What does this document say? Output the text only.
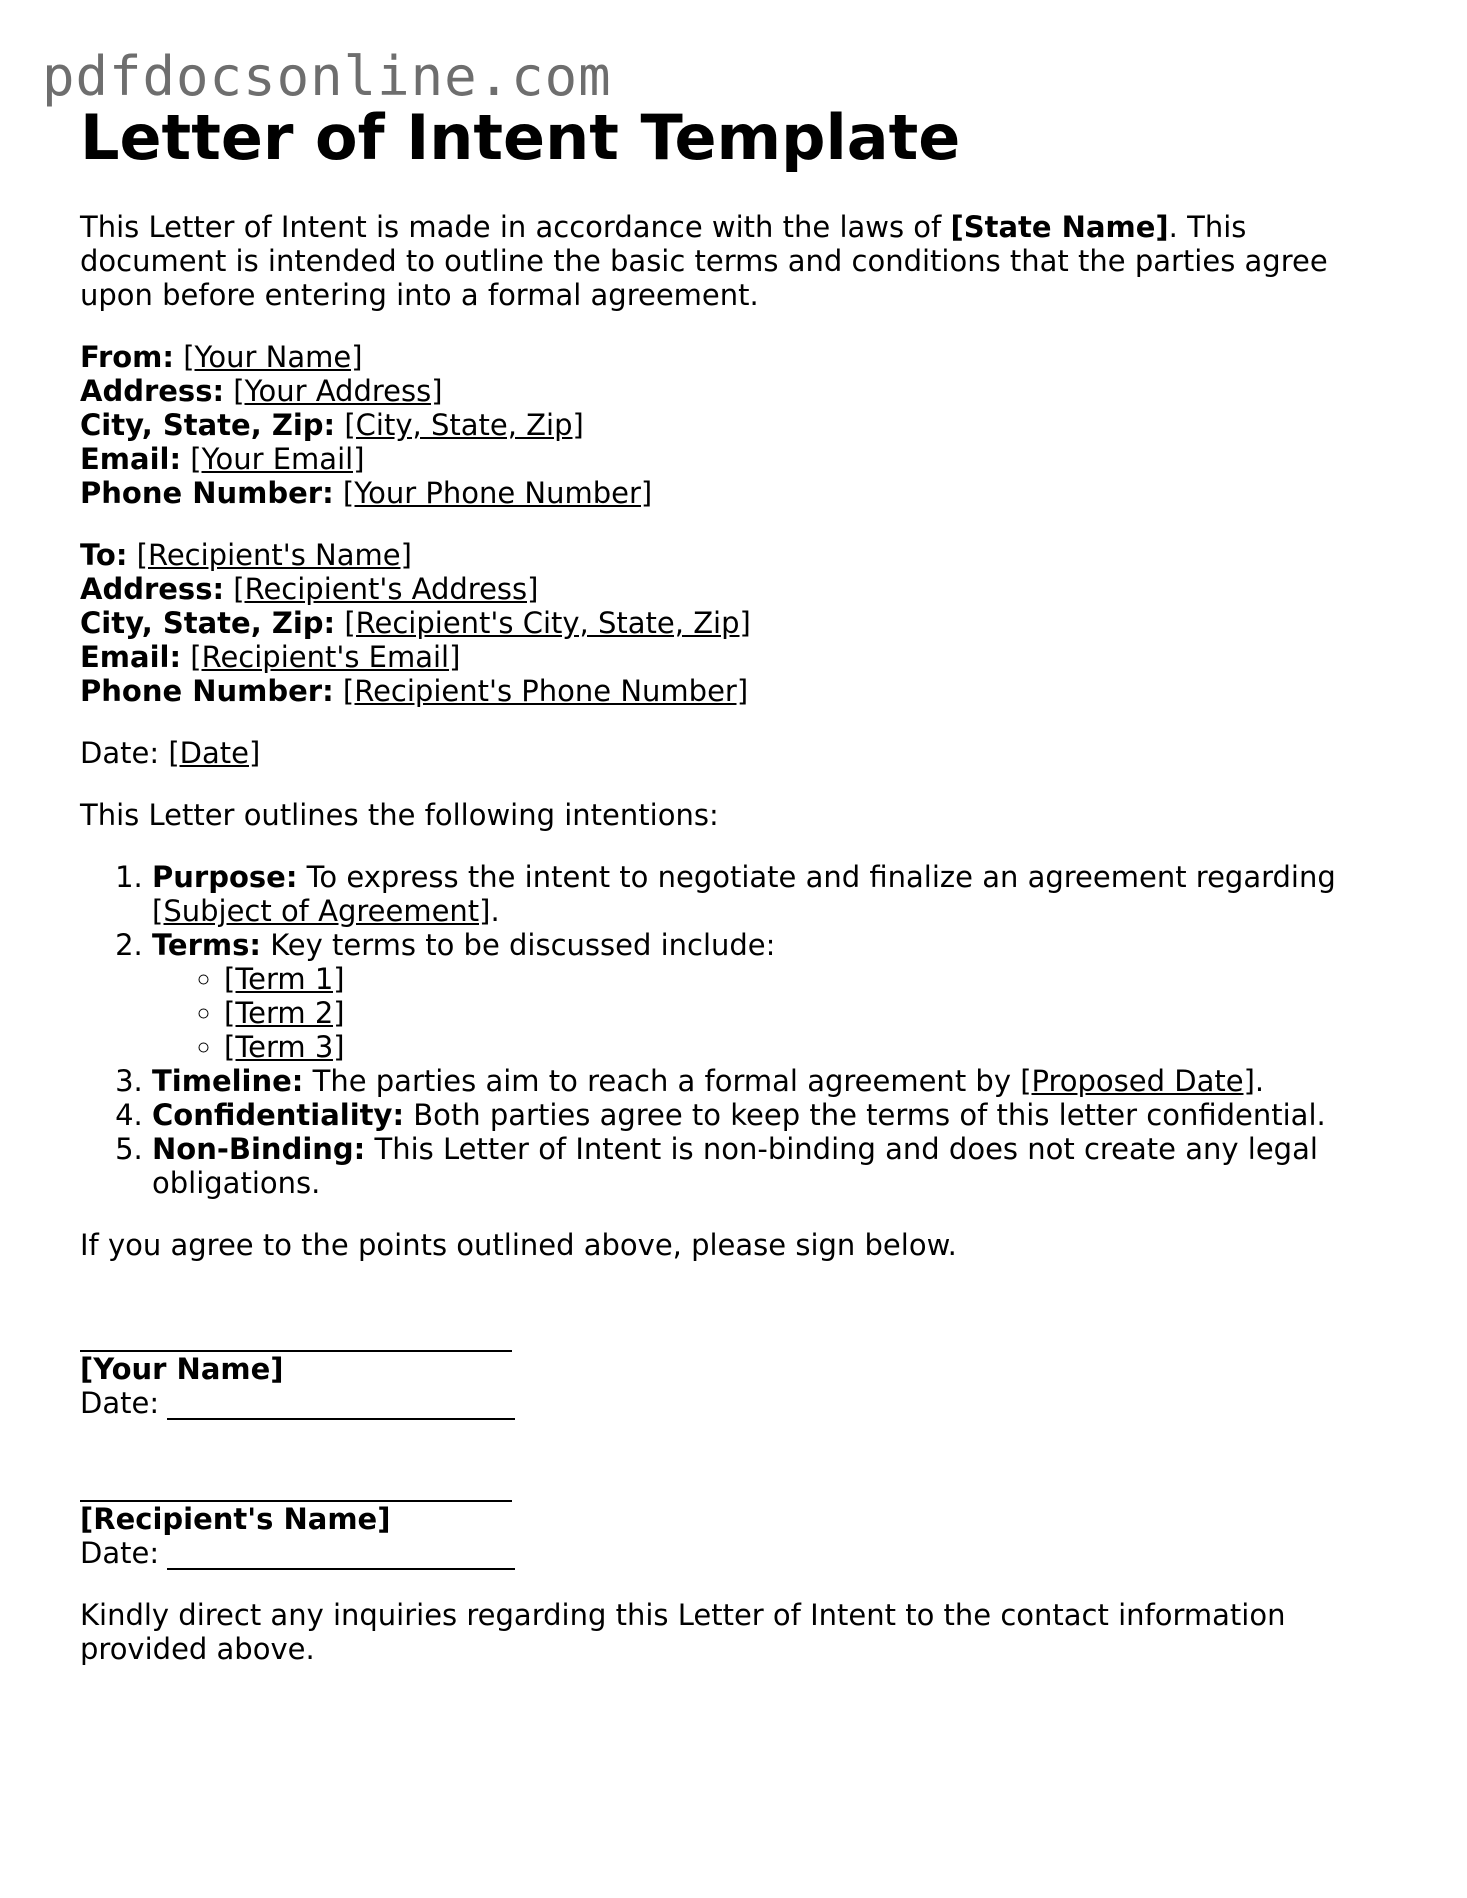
pdfdocsonline.com
Letter of Intent Template

This Letter of Intent is made in accordance with the laws of [State Name]. This document is intended to outline the basic terms and conditions that the parties agree upon before entering into a formal agreement.

From: [Your Name]
Address: [Your Address]
City, State, Zip: [City, State, Zip]
Email: [Your Email]
Phone Number: [Your Phone Number]
To: [Recipient's Name]
Address: [Recipient's Address]
City, State, Zip: [Recipient's City, State, Zip]
Email: [Recipient's Email]
Phone Number: [Recipient's Phone Number]

Date: [Date]

This Letter outlines the following intentions:

1. Purpose: To express the intent to negotiate and finalize an agreement regarding [Subject of Agreement].
2. Terms: Key terms to be discussed include:
◦ [Term 1]
◦ [Term 2]
◦ [Term 3]
3. Timeline: The parties aim to reach a formal agreement by [Proposed Date].
4. Confidentiality: Both parties agree to keep the terms of this letter confidential.
5. Non-Binding: This Letter of Intent is non-binding and does not create any legal obligations.

If you agree to the points outlined above, please sign below.

[Your Name]
Date:
[Recipient's Name]
Date:

Kindly direct any inquiries regarding this Letter of Intent to the contact information provided above.
